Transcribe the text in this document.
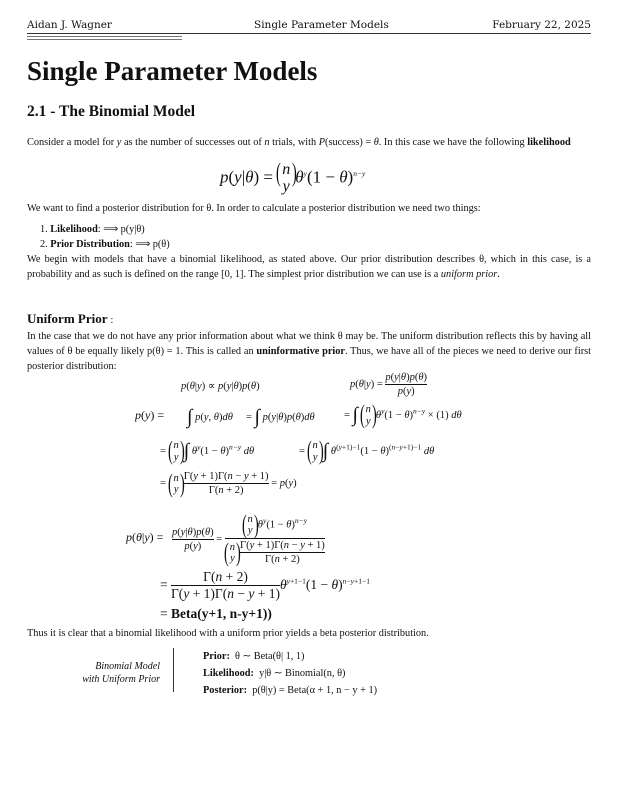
Aidan J. Wagner	Single Parameter Models	February 22, 2025
Single Parameter Models
2.1 - The Binomial Model
Consider a model for y as the number of successes out of n trials, with P(success) = θ. In this case we have the following likelihood
p(y|θ) = ( n
y
) $\theta^y(1 - \theta)^{n-y}$
We want to find a posterior distribution for θ. In order to calculate a posterior distribution we need two things:
1. Likelihood: ⟹ p(y|θ)
2. Prior Distribution: ⟹ p(θ)
We begin with models that have a binomial likelihood, as stated above. Our prior distribution describes θ, which in this case, is a probability and as such is defined on the range [0, 1]. The simplest prior distribution we can use is a uniform prior.
Uniform Prior :
In the case that we do not have any prior information about what we think θ may be. The uniform distribution reflects this by having all values of θ be equally likely p(θ) = 1. This is called an uninformative prior. Thus, we have all of the pieces we need to derive our first posterior distribution:
p(θ|y) ∝ p(y|θ)p(θ)	$p(\theta|y) = \frac{p(y|\theta)p(\theta)}{p(y)}$
p(y) = ∫ p(y, θ)dθ = ∫ p(y|θ)p(θ)dθ	= ∫ ( n
y
)$\theta^y(1 - \theta)^{n-y} \times (1)$ dθ
= ( n
y
) ∫ $\theta^y(1 - \theta)^{n-y}$ dθ	= ( n
y
) ∫ $\theta^{(y+1)-1}(1 - \theta)^{(n-y+1)-1}$ dθ
= ( n
y
) $\frac{\Gamma(y + 1)\Gamma(n - y + 1)}{\Gamma(n + 2)} = p(y)$
$p(\theta|y) = \frac{p(y|\theta)p(\theta)}{p(y)}$ = ( n
y
)$\theta^y(1 - \theta)^{n-y}$
( n
y
) $\frac{\Gamma(y + 1)\Gamma(n - y + 1)}{\Gamma(n + 2)}$
= $\frac{\Gamma(n + 2)}{\Gamma(y + 1)\Gamma(n - y + 1)} \theta^{y+1-1}(1 - \theta)^{n-y+1-1}$
= Beta(y+1, n-y+1))
Thus it is clear that a binomial likelihood with a uniform prior yields a beta posterior distribution.
Binomial Model
with Uniform Prior
Prior: θ ∼ Beta(θ| 1, 1)
Likelihood: y|θ ∼ Binomial(n, θ)
Posterior: p(θ|y) = Beta(α + 1, n − y + 1)
